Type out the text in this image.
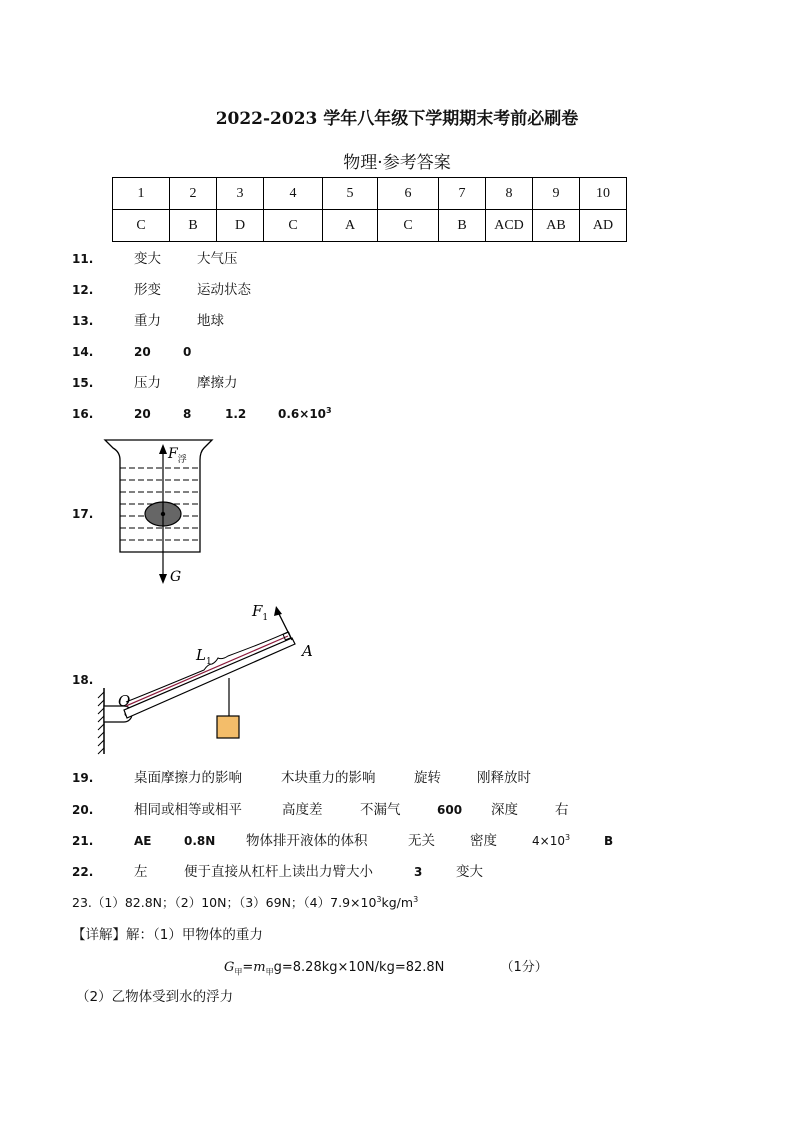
2022-2023 学年八年级下学期期末考前必刷卷
物理·参考答案
1	2	3	4	5	6	7	8	9	10
C	B	D	C	A	C	B	ACD	AB	AD
11.	变大	大气压
12.	形变	运动状态
13.	重力	地球
14.	20	0
15.	压力	摩擦力
16.	20	8	1.2	$0.6\times 10^3$
17.
$F_浮$
G
18.
$F_1$
$L_1$
O
A
19.	桌面摩擦力的影响	木块重力的影响	旋转	刚释放时
20.	相同或相等或相平	高度差	不漏气	600 深度	右
21.	AE	0.8N 物体排开液体的体积	无关	密度	$4\times 10^3$	B
22.	左	便于直接从杠杆上读出力臂大小	3 变大
23.（1）82.8N；（2）10N；（3）69N；$(4)7.9\times 10^3kg/m^3$
【详解】解：（1）甲物体的重力
$G_甲=m_甲g=8.28kg\times 10N/kg=82.8N$	（1分）
（2）乙物体受到水的浮力
